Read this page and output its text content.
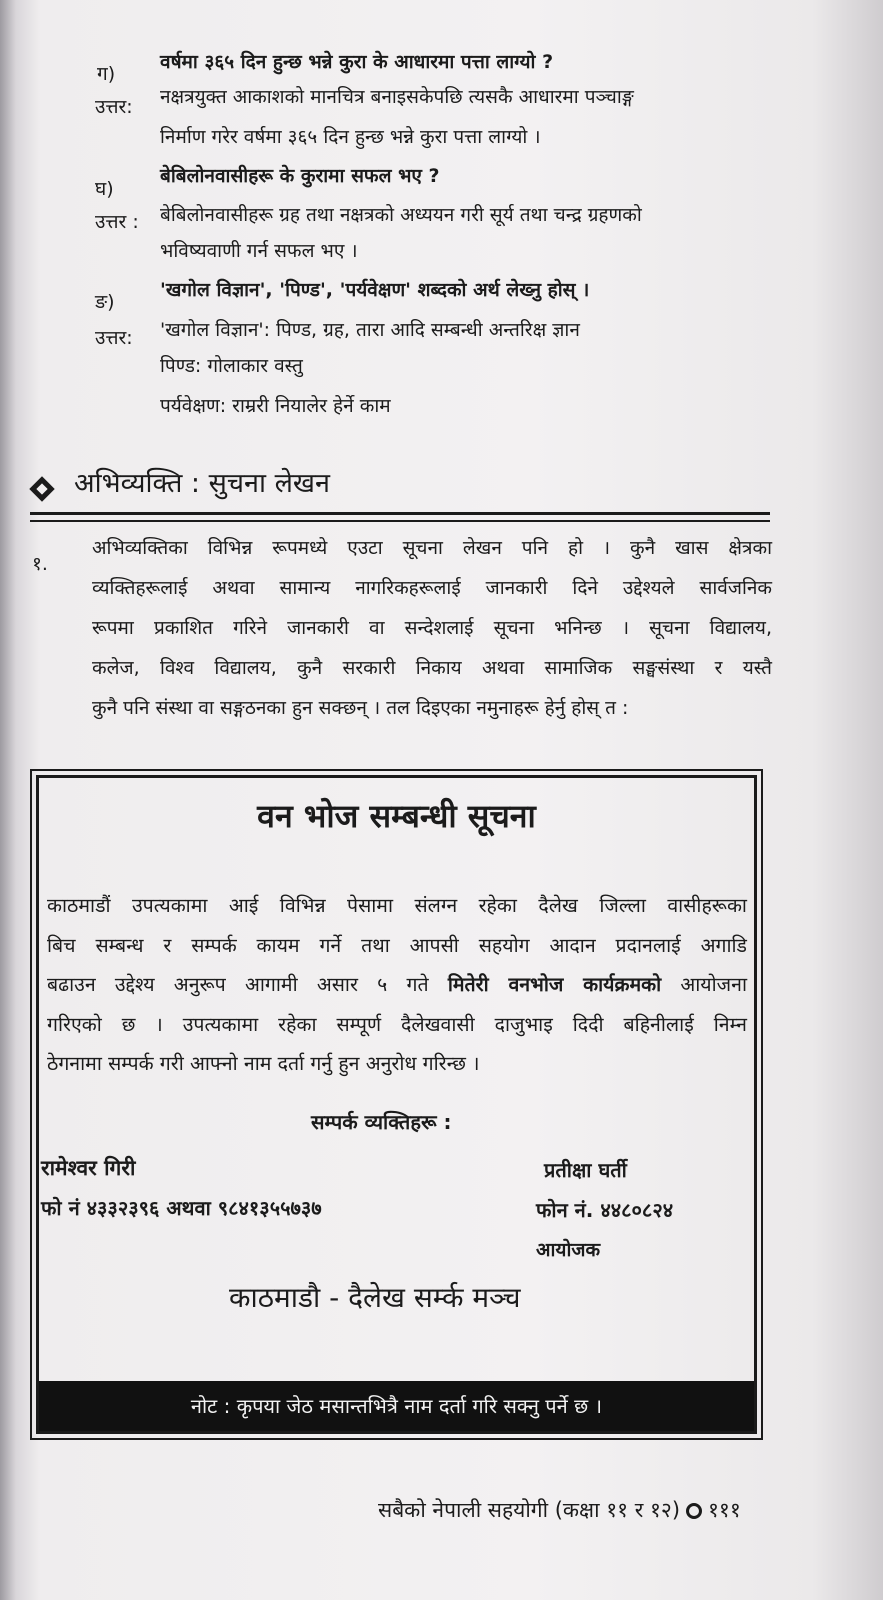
ग)
वर्षमा ३६५ दिन हुन्छ भन्ने कुरा के आधारमा पत्ता लाग्यो ?
उत्तर: नक्षत्रयुक्त आकाशको मानचित्र बनाइसकेपछि त्यसकै आधारमा पञ्चाङ्ग
निर्माण गरेर वर्षमा ३६५ दिन हुन्छ भन्ने कुरा पत्ता लाग्यो ।
घ)
बेबिलोनवासीहरू के कुरामा सफल भए ?
उत्तर : बेबिलोनवासीहरू ग्रह तथा नक्षत्रको अध्ययन गरी सूर्य तथा चन्द्र ग्रहणको
भविष्यवाणी गर्न सफल भए ।
ङ)
'खगोल विज्ञान', 'पिण्ड', 'पर्यवेक्षण' शब्दको अर्थ लेख्नु होस् ।
उत्तर: 'खगोल विज्ञान': पिण्ड, ग्रह, तारा आदि सम्बन्धी अन्तरिक्ष ज्ञान
पिण्ड: गोलाकार वस्तु
पर्यवेक्षण: राम्ररी नियालेर हेर्ने काम
अभिव्यक्ति : सुचना लेखन
१.
अभिव्यक्तिका विभिन्न रूपमध्ये एउटा सूचना लेखन पनि हो । कुनै खास क्षेत्रका
व्यक्तिहरूलाई अथवा सामान्य नागरिकहरूलाई जानकारी दिने उद्देश्यले सार्वजनिक
रूपमा प्रकाशित गरिने जानकारी वा सन्देशलाई सूचना भनिन्छ । सूचना विद्यालय,
कलेज, विश्व विद्यालय, कुनै सरकारी निकाय अथवा सामाजिक सङ्घसंस्था र यस्तै
कुनै पनि संस्था वा सङ्गठनका हुन सक्छन् । तल दिइएका नमुनाहरू हेर्नु होस् त :
वन भोज सम्बन्धी सूचना
काठमाडौं उपत्यकामा आई विभिन्न पेसामा संलग्न रहेका दैलेख जिल्ला वासीहरूका
बिच सम्बन्ध र सम्पर्क कायम गर्ने तथा आपसी सहयोग आदान प्रदानलाई अगाडि
बढाउन उद्देश्य अनुरूप आगामी असार ५ गते मितेरी वनभोज कार्यक्रमको आयोजना
गरिएको छ । उपत्यकामा रहेका सम्पूर्ण दैलेखवासी दाजुभाइ दिदी बहिनीलाई निम्न
ठेगनामा सम्पर्क गरी आफ्नो नाम दर्ता गर्नु हुन अनुरोध गरिन्छ ।
सम्पर्क व्यक्तिहरू :
रामेश्वर गिरी
फो नं ४३३२३९६ अथवा ९८४१३५५७३७
प्रतीक्षा घर्ती
फोन नं. ४४८०८२४
आयोजक
काठमाडौ - दैलेख सर्म्क मञ्च
नोट : कृपया जेठ मसान्तभित्रै नाम दर्ता गरि सक्नु पर्ने छ ।
सबैको नेपाली सहयोगी (कक्षा ११ र १२) १११
